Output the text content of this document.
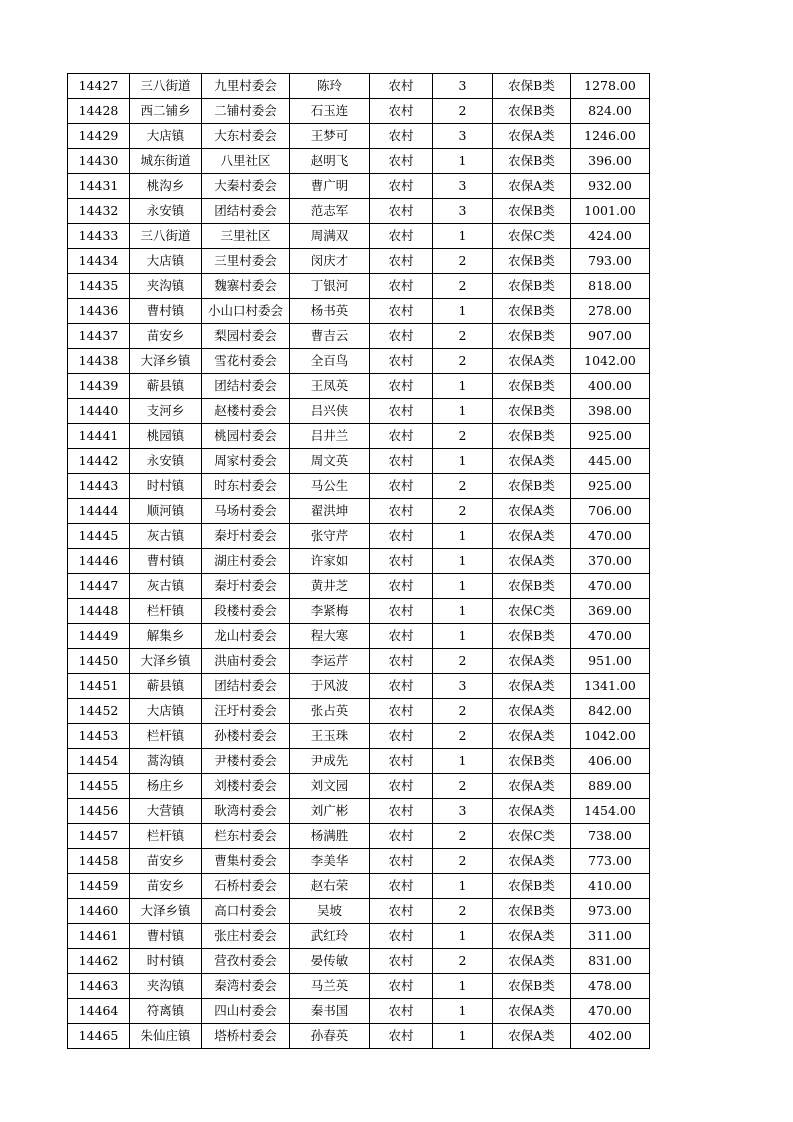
14427	三八街道	九里村委会	陈玲	农村	3	农保B类	1278.00
14428	西二铺乡	二铺村委会	石玉连	农村	2	农保B类	824.00
14429	大店镇	大东村委会	王梦可	农村	3	农保A类	1246.00
14430	城东街道	八里社区	赵明飞	农村	1	农保B类	396.00
14431	桃沟乡	大秦村委会	曹广明	农村	3	农保A类	932.00
14432	永安镇	团结村委会	范志军	农村	3	农保B类	1001.00
14433	三八街道	三里社区	周满双	农村	1	农保C类	424.00
14434	大店镇	三里村委会	闵庆才	农村	2	农保B类	793.00
14435	夹沟镇	魏寨村委会	丁银河	农村	2	农保B类	818.00
14436	曹村镇	小山口村委会	杨书英	农村	1	农保B类	278.00
14437	苗安乡	梨园村委会	曹吉云	农村	2	农保B类	907.00
14438	大泽乡镇	雪花村委会	全百鸟	农村	2	农保A类	1042.00
14439	蕲县镇	团结村委会	王凤英	农村	1	农保B类	400.00
14440	支河乡	赵楼村委会	吕兴侠	农村	1	农保B类	398.00
14441	桃园镇	桃园村委会	吕井兰	农村	2	农保B类	925.00
14442	永安镇	周家村委会	周文英	农村	1	农保A类	445.00
14443	时村镇	时东村委会	马公生	农村	2	农保B类	925.00
14444	顺河镇	马场村委会	翟洪坤	农村	2	农保A类	706.00
14445	灰古镇	秦圩村委会	张守芹	农村	1	农保A类	470.00
14446	曹村镇	湖庄村委会	许家如	农村	1	农保A类	370.00
14447	灰古镇	秦圩村委会	黄井芝	农村	1	农保B类	470.00
14448	栏杆镇	段楼村委会	李紧梅	农村	1	农保C类	369.00
14449	解集乡	龙山村委会	程大寒	农村	1	农保B类	470.00
14450	大泽乡镇	洪庙村委会	李运芹	农村	2	农保A类	951.00
14451	蕲县镇	团结村委会	于风波	农村	3	农保A类	1341.00
14452	大店镇	汪圩村委会	张占英	农村	2	农保A类	842.00
14453	栏杆镇	孙楼村委会	王玉珠	农村	2	农保A类	1042.00
14454	蒿沟镇	尹楼村委会	尹成先	农村	1	农保B类	406.00
14455	杨庄乡	刘楼村委会	刘文园	农村	2	农保A类	889.00
14456	大营镇	耿湾村委会	刘广彬	农村	3	农保A类	1454.00
14457	栏杆镇	栏东村委会	杨满胜	农村	2	农保C类	738.00
14458	苗安乡	曹集村委会	李美华	农村	2	农保A类	773.00
14459	苗安乡	石桥村委会	赵右荣	农村	1	农保B类	410.00
14460	大泽乡镇	高口村委会	吴坡	农村	2	农保B类	973.00
14461	曹村镇	张庄村委会	武红玲	农村	1	农保A类	311.00
14462	时村镇	营孜村委会	晏传敏	农村	2	农保A类	831.00
14463	夹沟镇	秦湾村委会	马兰英	农村	1	农保B类	478.00
14464	符离镇	四山村委会	秦书国	农村	1	农保A类	470.00
14465	朱仙庄镇	塔桥村委会	孙春英	农村	1	农保A类	402.00
